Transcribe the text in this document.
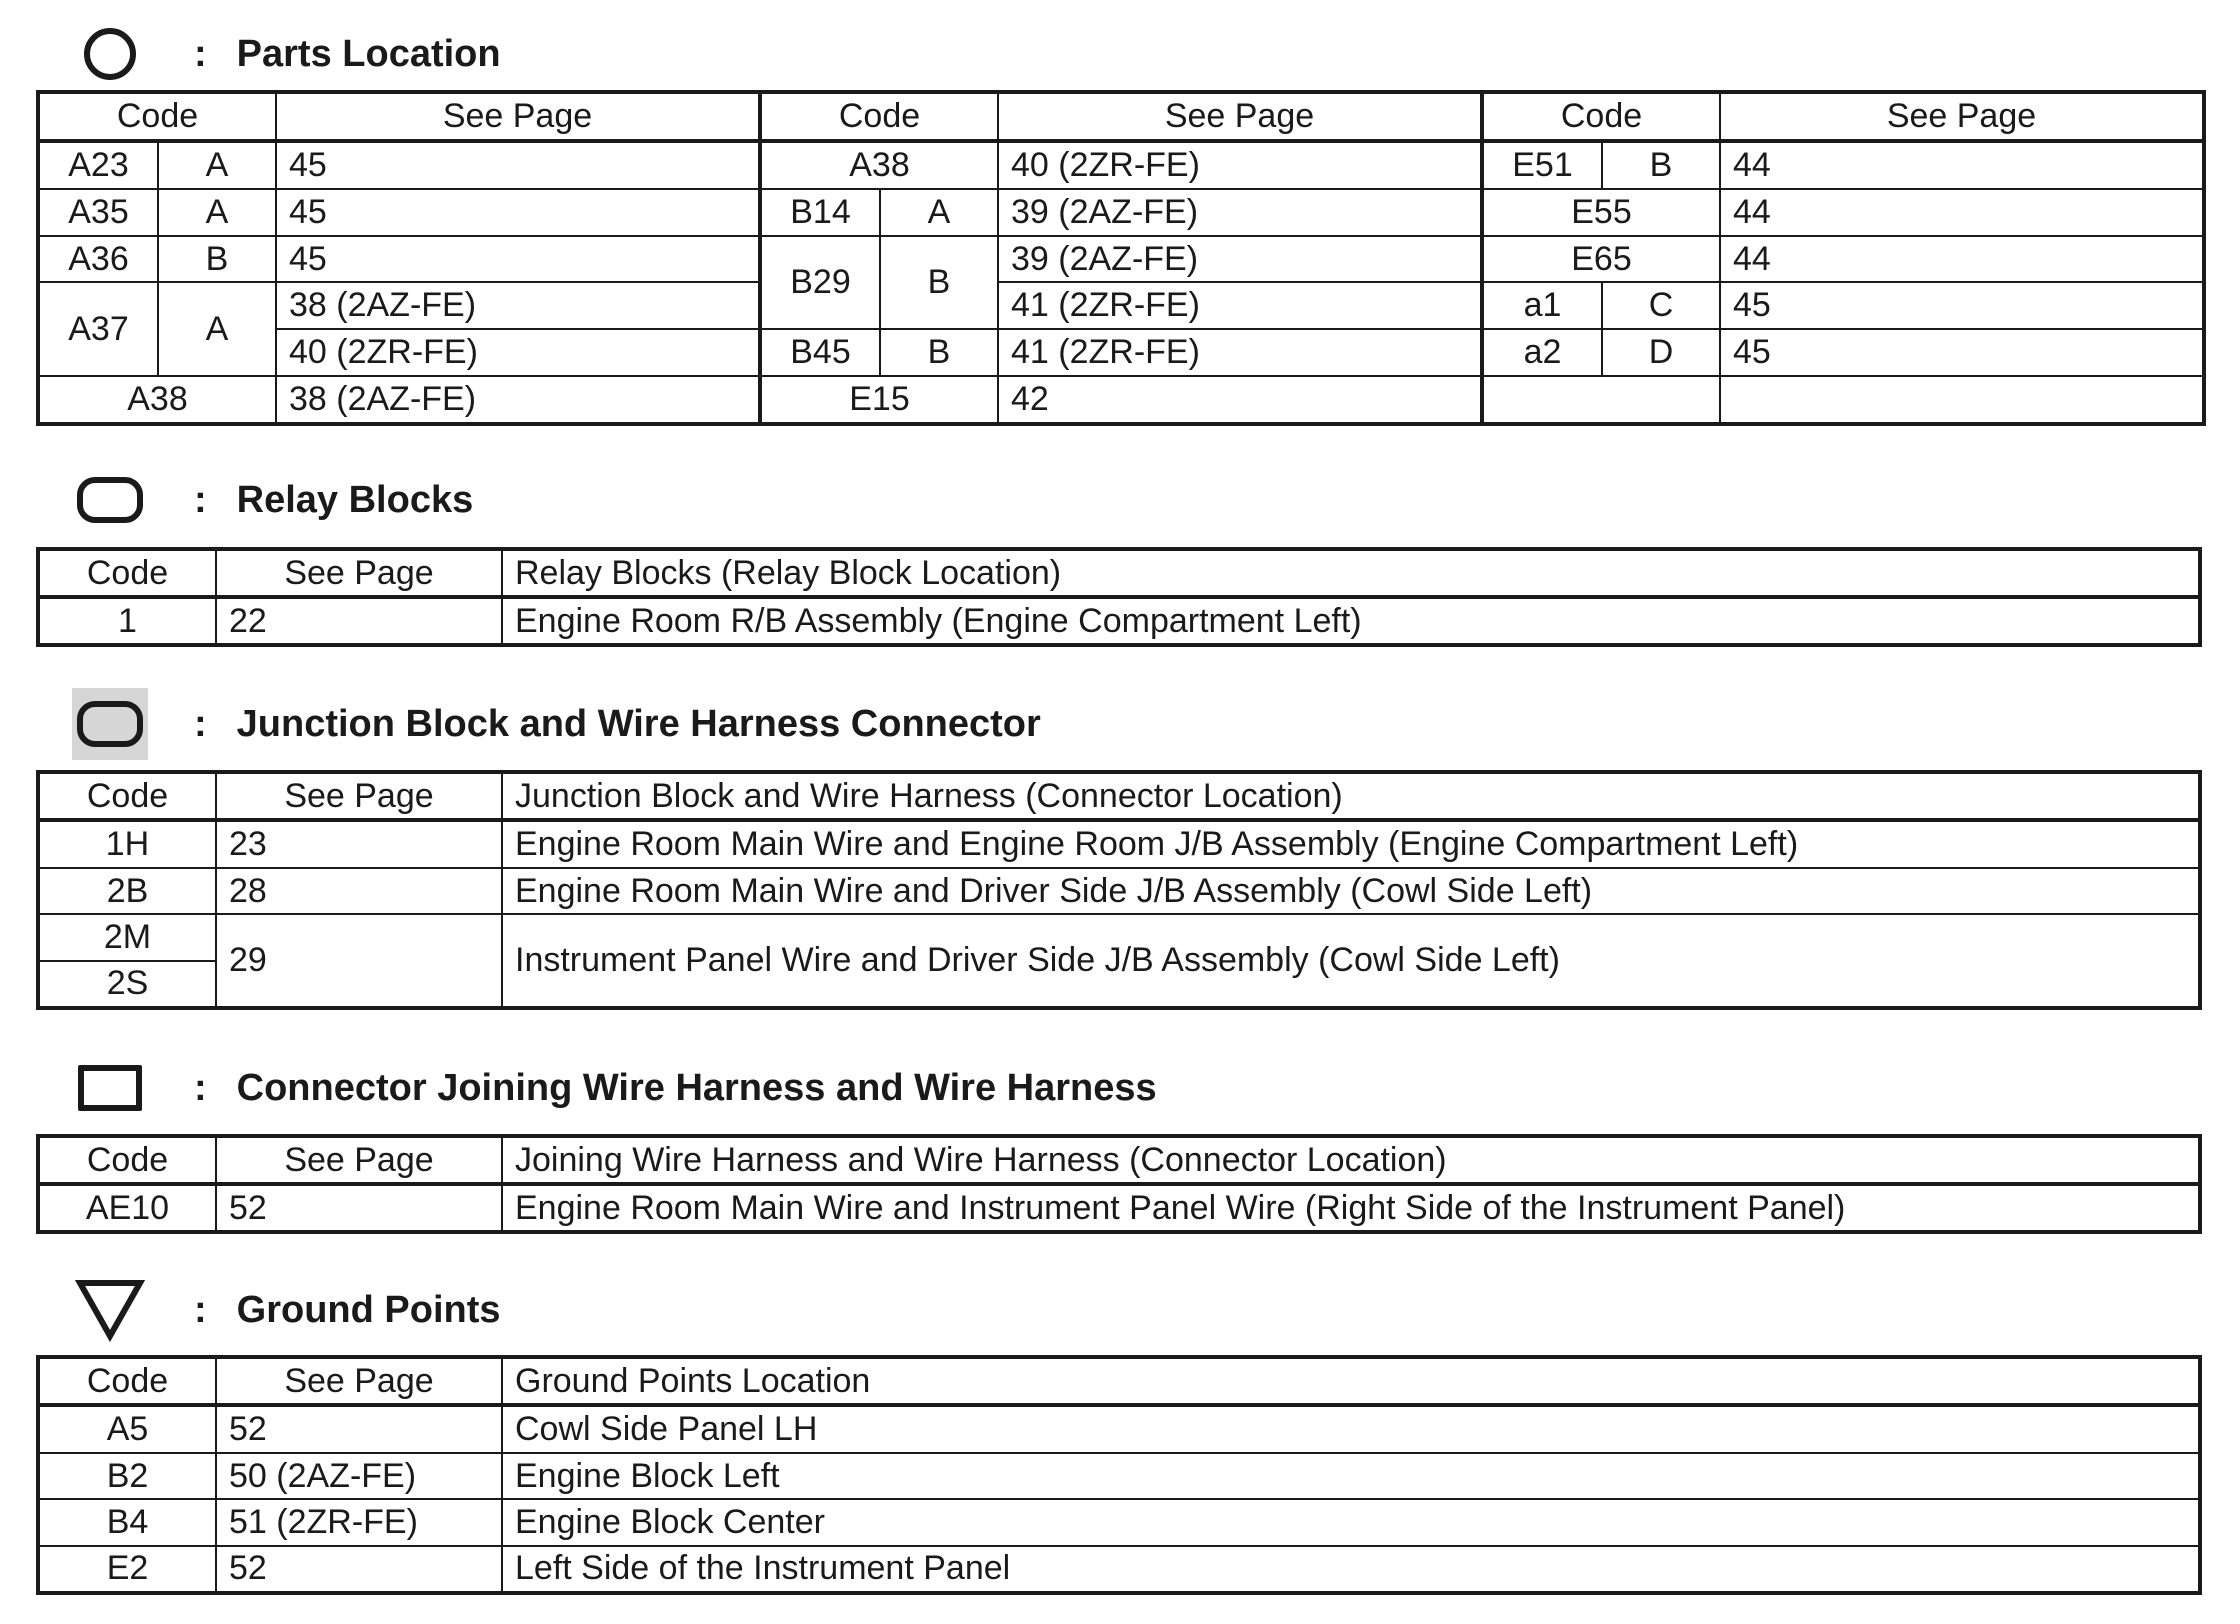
: Parts Location
Code		See Page	Code		See Page	Code		See Page
A23	A	45	A38		40 (2ZR-FE)	E51	B	44
A35	A	45	B14	A	39 (2AZ-FE)	E55		44
A36	B	45	B29	B	39 (2AZ-FE)	E65		44
A37	A	38 (2AZ-FE)			41 (2ZR-FE)	a1	C	45
		40 (2ZR-FE)	B45	B	41 (2ZR-FE)	a2	D	45
A38		38 (2AZ-FE)	E15		42			
: Relay Blocks
Code	See Page	Relay Blocks (Relay Block Location)
1	22	Engine Room R/B Assembly (Engine Compartment Left)
: Junction Block and Wire Harness Connector
Code	See Page	Junction Block and Wire Harness (Connector Location)
1H	23	Engine Room Main Wire and Engine Room J/B Assembly (Engine Compartment Left)
2B	28	Engine Room Main Wire and Driver Side J/B Assembly (Cowl Side Left)
2M	29	Instrument Panel Wire and Driver Side J/B Assembly (Cowl Side Left)
2S		
: Connector Joining Wire Harness and Wire Harness
Code	See Page	Joining Wire Harness and Wire Harness (Connector Location)
AE10	52	Engine Room Main Wire and Instrument Panel Wire (Right Side of the Instrument Panel)
: Ground Points
Code	See Page	Ground Points Location
A5	52	Cowl Side Panel LH
B2	50 (2AZ-FE)	Engine Block Left
B4	51 (2ZR-FE)	Engine Block Center
E2	52	Left Side of the Instrument Panel
